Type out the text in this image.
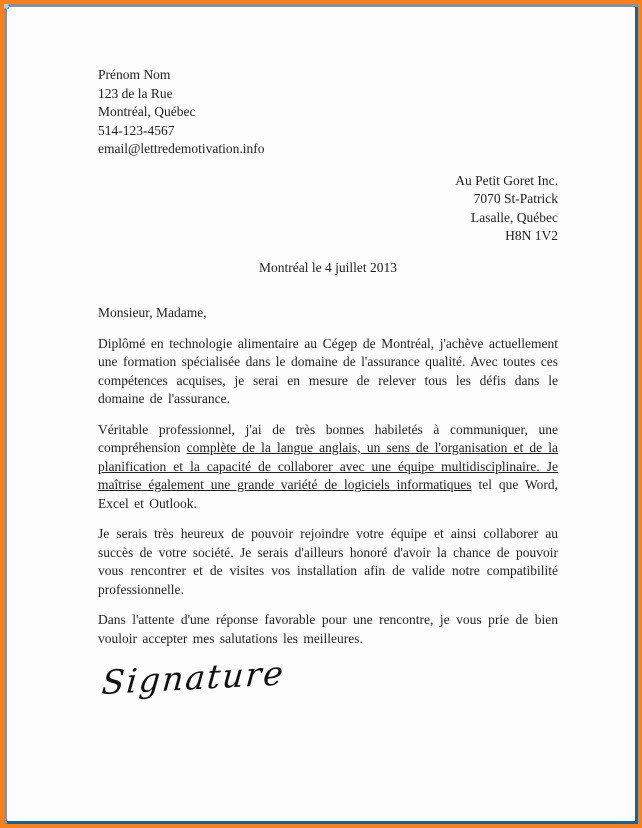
Prénom Nom
123 de la Rue
Montréal, Québec
514-123-4567
email@lettredemotivation.info
Au Petit Goret Inc.
7070 St-Patrick
Lasalle, Québec
H8N 1V2
Montréal le 4 juillet 2013
Monsieur, Madame,

Diplômé en technologie alimentaire au Cégep de Montréal, j'achève actuellement une formation spécialisée dans le domaine de l'assurance qualité. Avec toutes ces compétences acquises, je serai en mesure de relever tous les défis dans le domaine de l'assurance.

Véritable professionnel, j'ai de très bonnes habiletés à communiquer, une compréhension complète de la langue anglais, un sens de l'organisation et de la planification et la capacité de collaborer avec une équipe multidisciplinaire. Je maîtrise également une grande variété de logiciels informatiques tel que Word, Excel et Outlook.

Je serais très heureux de pouvoir rejoindre votre équipe et ainsi collaborer au succès de votre société. Je serais d'ailleurs honoré d'avoir la chance de pouvoir vous rencontrer et de visites vos installation afin de valide notre compatibilité professionnelle.

Dans l'attente d'une réponse favorable pour une rencontre, je vous prie de bien vouloir accepter mes salutations les meilleures.

Signature
